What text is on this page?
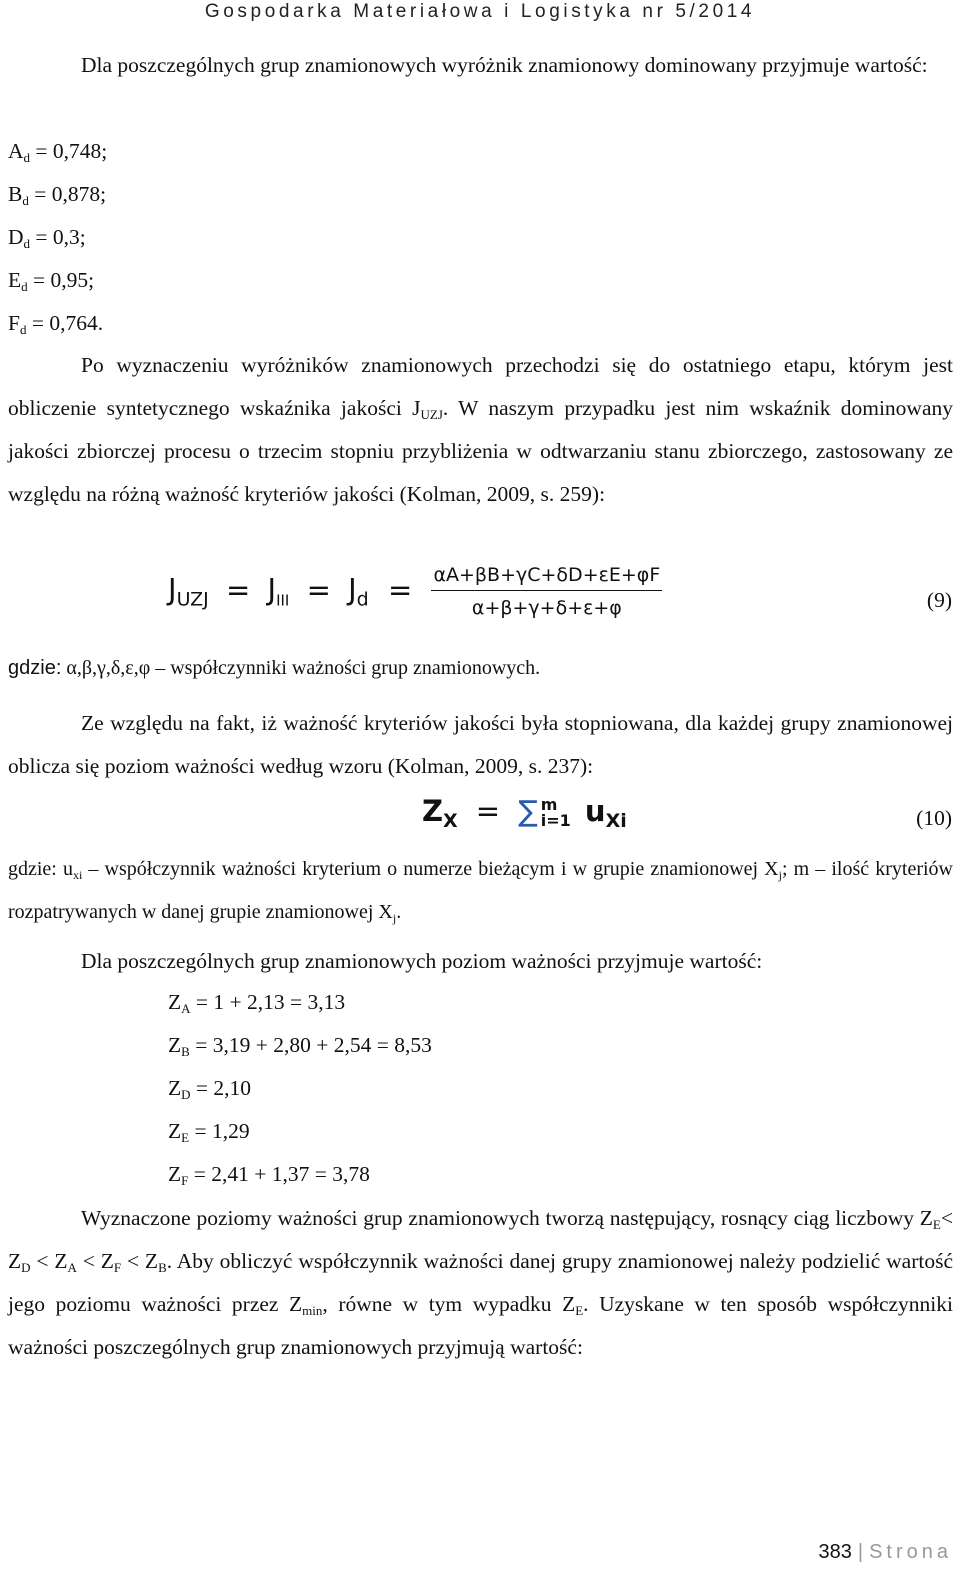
Gospodarka Materiałowa i Logistyka nr 5/2014
Dla poszczególnych grup znamionowych wyróżnik znamionowy dominowany przyjmuje wartość:
$A_d = 0,748$;
$B_d = 0,878$;
$D_d = 0,3$;
$E_d = 0,95$;
$F_d = 0,764$.
Po wyznaczeniu wyróżników znamionowych przechodzi się do ostatniego etapu, którym jest obliczenie syntetycznego wskaźnika jakości $J_{UZJ}$. W naszym przypadku jest nim wskaźnik dominowany jakości zbiorczej procesu o trzecim stopniu przybliżenia w odtwarzaniu stanu zbiorczego, zastosowany ze względu na różną ważność kryteriów jakości (Kolman, 2009, s. 259):
$J_{UZJ} = J_{III} = J_d = \frac{\alpha A+\beta B+\gamma C+\delta D+\varepsilon E+\varphi F}{\alpha+\beta+\gamma+\delta+\varepsilon+\varphi}$	(9)
gdzie: α,β,γ,δ,ε,φ – współczynniki ważności grup znamionowych.
Ze względu na fakt, iż ważność kryteriów jakości była stopniowana, dla każdej grupy znamionowej oblicza się poziom ważności według wzoru (Kolman, 2009, s. 237):
$Z_X$ = ∑ m
i=1 $u_{Xi}$	(10)
gdzie: $u_{xi}$ – współczynnik ważności kryterium o numerze bieżącym i w grupie znamionowej $X_j$; m – ilość kryteriów rozpatrywanych w danej grupie znamionowej $X_j$.
Dla poszczególnych grup znamionowych poziom ważności przyjmuje wartość:
$Z_A = 1 + 2,13 = 3,13$
$Z_B = 3,19 + 2,80 + 2,54 = 8,53$
$Z_D = 2,10$
$Z_E = 1,29$
$Z_F = 2,41 + 1,37 = 3,78$
Wyznaczone poziomy ważności grup znamionowych tworzą następujący, rosnący ciąg liczbowy $Z_E< Z_D < Z_A < Z_F < Z_B$. Aby obliczyć współczynnik ważności danej grupy znamionowej należy podzielić wartość jego poziomu ważności przez $Z_{min}$, równe w tym wypadku $Z_E$. Uzyskane w ten sposób współczynniki ważności poszczególnych grup znamionowych przyjmują wartość:
383 | Strona
